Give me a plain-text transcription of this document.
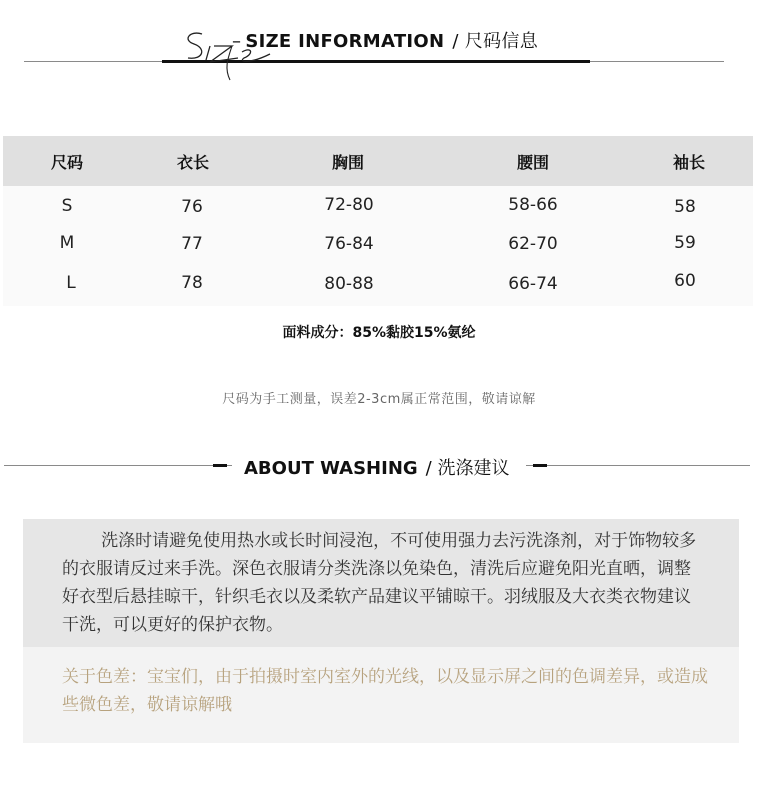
– SIZE INFORMATION / 尺码信息
尺码	衣长	胸围	腰围	袖长
S	76	72-80	58-66	58
M	77	76-84	62-70	59
L	78	80-88	66-74	60
面料成分：85%黏胶15%氨纶
尺码为手工测量，误差2-3cm属正常范围，敬请谅解
ABOUT WASHING / 洗涤建议

洗涤时请避免使用热水或长时间浸泡，不可使用强力去污洗涤剂，对于饰物较多的衣服请反过来手洗。深色衣服请分类洗涤以免染色，清洗后应避免阳光直晒，调整好衣型后悬挂晾干，针织毛衣以及柔软产品建议平铺晾干。羽绒服及大衣类衣物建议干洗，可以更好的保护衣物。

关于色差：宝宝们，由于拍摄时室内室外的光线，以及显示屏之间的色调差异，或造成些微色差，敬请谅解哦
